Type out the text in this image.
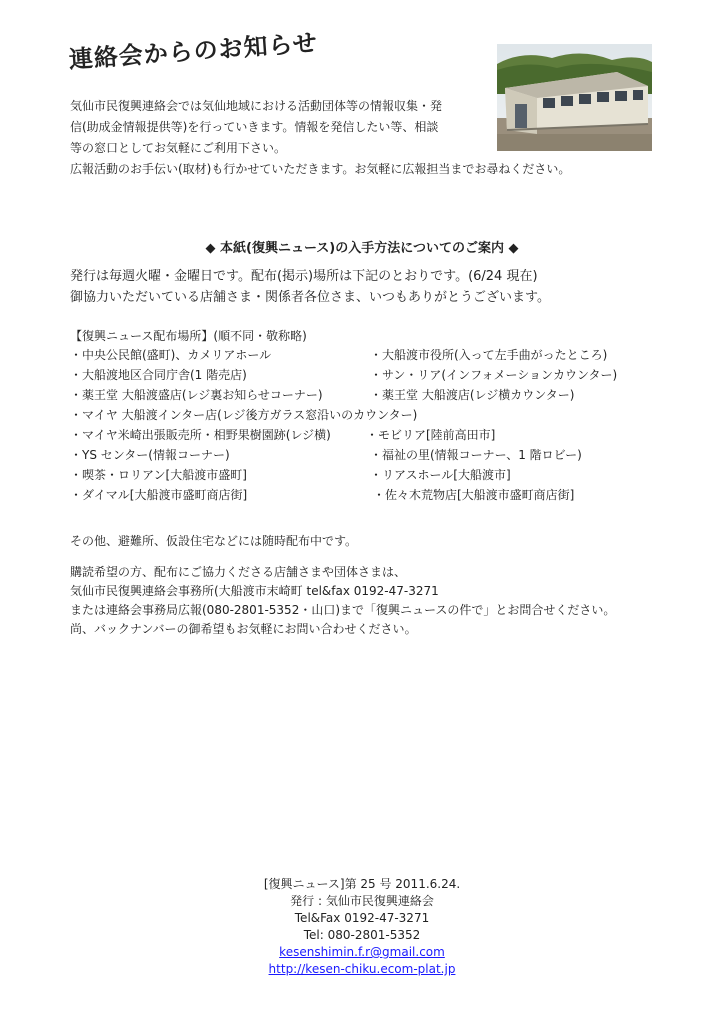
連絡会からのお知らせ

気仙市民復興連絡会では気仙地域における活動団体等の情報収集・発

信(助成金情報提供等)を行っていきます。情報を発信したい等、相談

等の窓口としてお気軽にご利用下さい。

広報活動のお手伝い(取材)も行かせていただきます。お気軽に広報担当までお尋ねください。

◆ 本紙(復興ニュース)の入手方法についてのご案内 ◆

発行は毎週火曜・金曜日です。配布(掲示)場所は下記のとおりです。(6/24 現在)

御協力いただいている店舗さま・関係者各位さま、いつもありがとうございます。

【復興ニュース配布場所】(順不同・敬称略)
・中央公民館(盛町)、カメリアホール	・大船渡市役所(入って左手曲がったところ)
・大船渡地区合同庁舎(1 階売店)	・サン・リア(インフォメーションカウンター)
・薬王堂 大船渡盛店(レジ裏お知らせコーナー)	・薬王堂 大船渡店(レジ横カウンター)
・マイヤ 大船渡インター店(レジ後方ガラス窓沿いのカウンター)
・マイヤ米崎出張販売所・相野果樹園跡(レジ横)	・モビリア[陸前高田市]
・YS センター(情報コーナー)	・福祉の里(情報コーナー、1 階ロビー)
・喫茶・ロリアン[大船渡市盛町]	・リアスホール[大船渡市]
・ダイマル[大船渡市盛町商店街]	・佐々木荒物店[大船渡市盛町商店街]
その他、避難所、仮設住宅などには随時配布中です。

購読希望の方、配布にご協力くださる店舗さまや団体さまは、

気仙市民復興連絡会事務所(大船渡市末崎町 tel&fax 0192-47-3271

または連絡会事務局広報(080-2801-5352・山口)まで「復興ニュースの件で」とお問合せください。

尚、バックナンバーの御希望もお気軽にお問い合わせください。

[復興ニュース]第 25 号 2011.6.24.

発行 : 気仙市民復興連絡会

Tel&Fax 0192-47-3271

Tel: 080-2801-5352

kesenshimin.f.r@gmail.com

http://kesen-chiku.ecom-plat.jp
